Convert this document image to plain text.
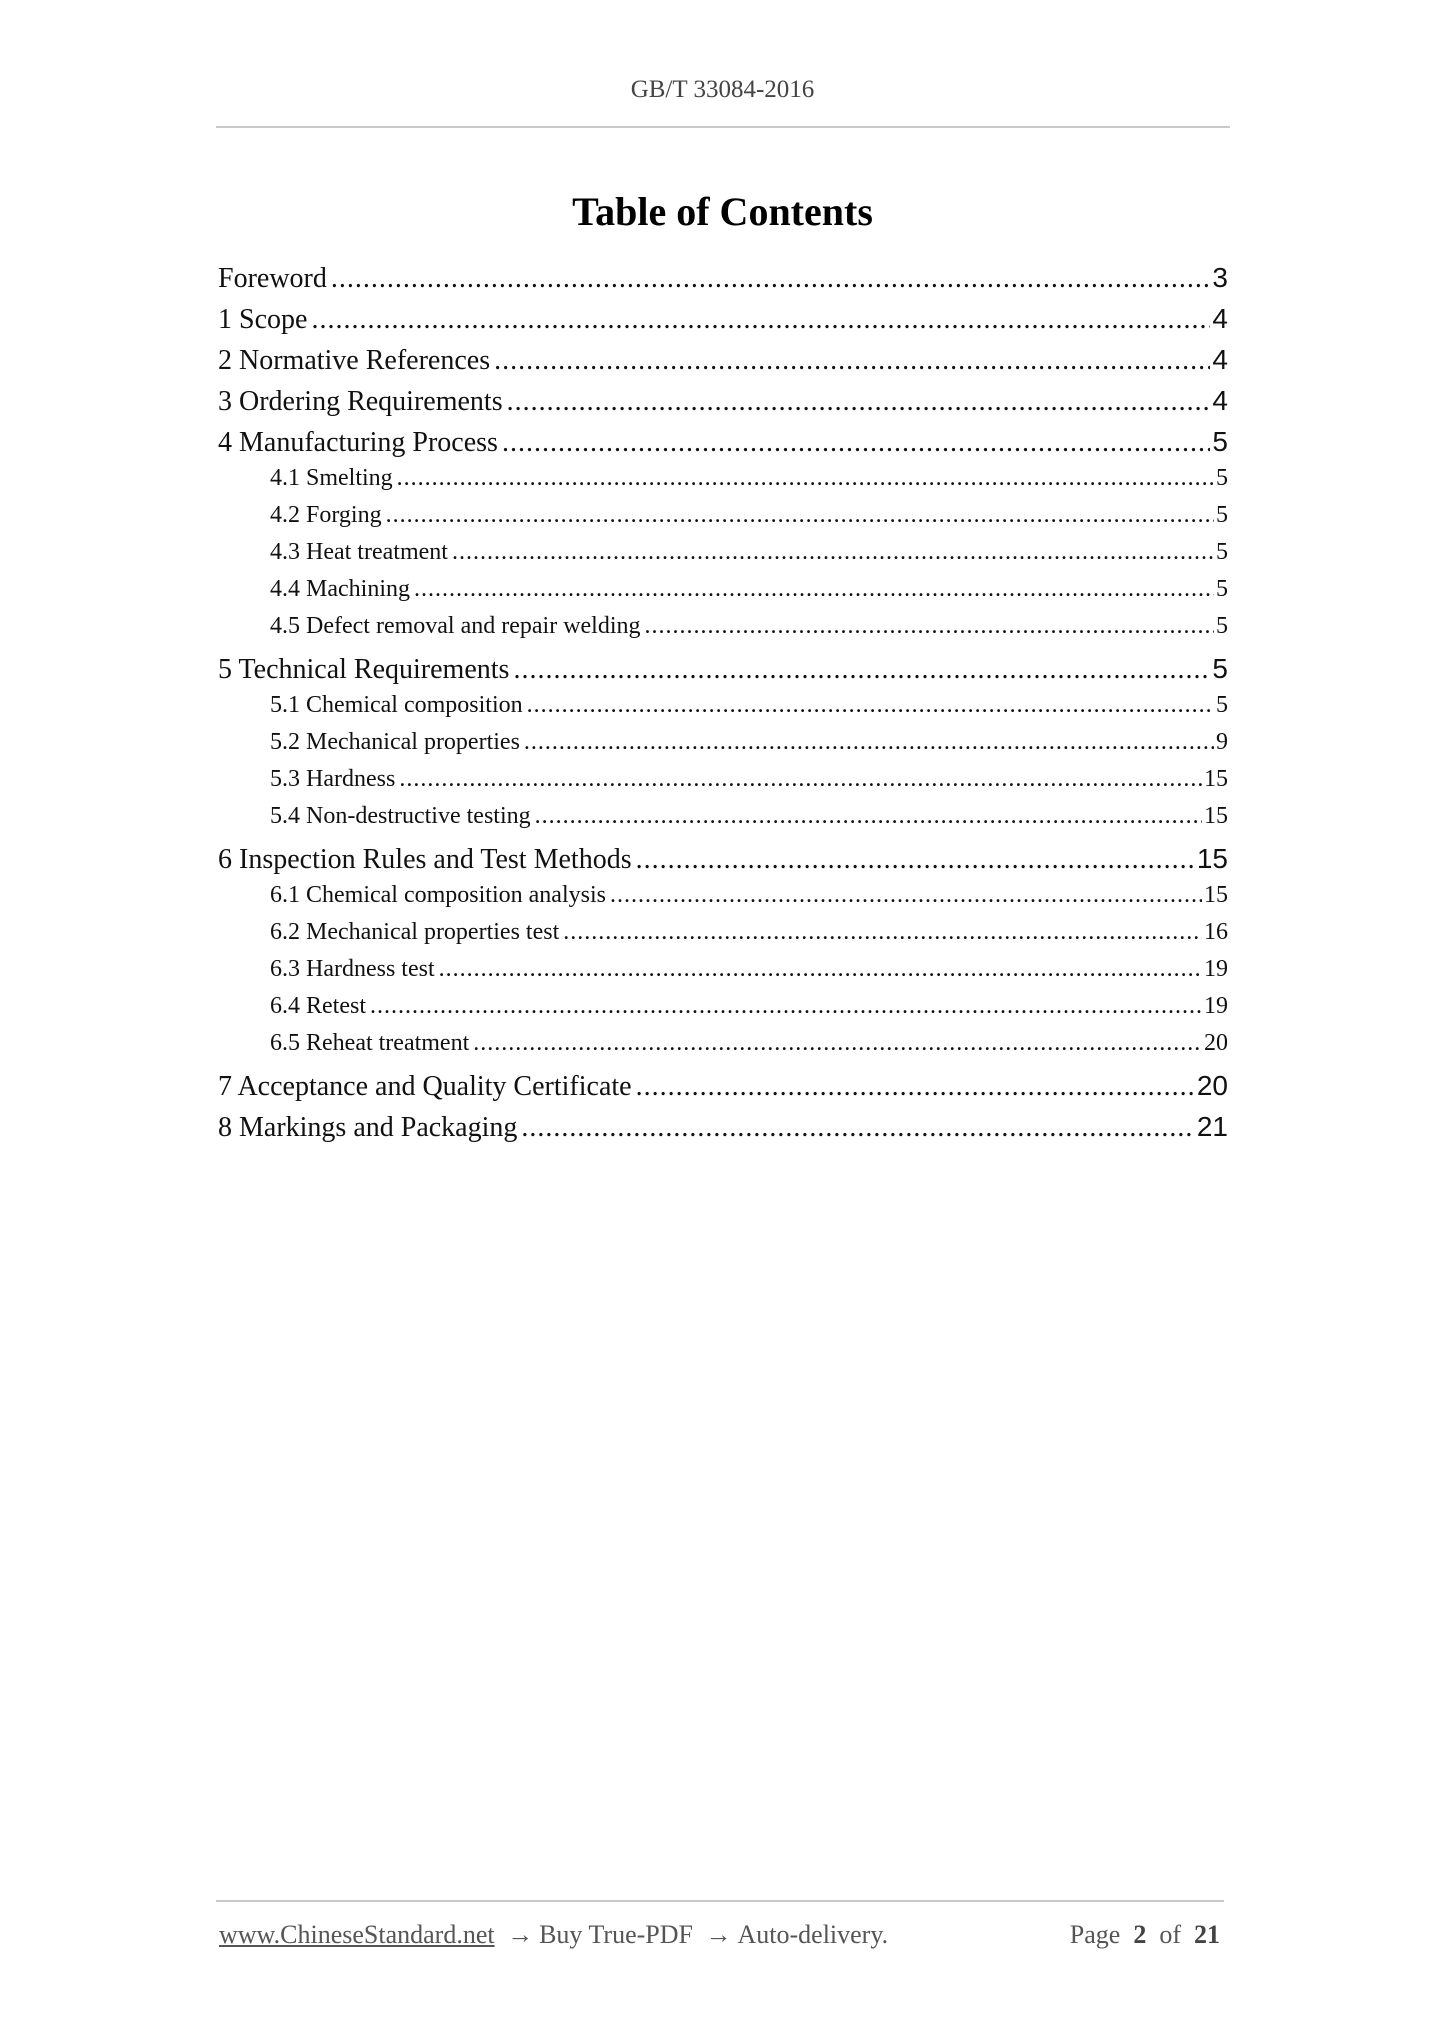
GB/T 33084-2016
Table of Contents
Foreword .....	3
1 Scope .....	4
2 Normative References .....	4
3 Ordering Requirements .....	4
4 Manufacturing Process .....	5
4.1 Smelting .....	5
4.2 Forging .....	5
4.3 Heat treatment .....	5
4.4 Machining .....	5
4.5 Defect removal and repair welding .....	5
5 Technical Requirements .....	5
5.1 Chemical composition .....	5
5.2 Mechanical properties .....	9
5.3 Hardness .....	15
5.4 Non-destructive testing .....	15
6 Inspection Rules and Test Methods .....	15
6.1 Chemical composition analysis .....	15
6.2 Mechanical properties test .....	16
6.3 Hardness test .....	19
6.4 Retest .....	19
6.5 Reheat treatment .....	20
7 Acceptance and Quality Certificate .....	20
8 Markings and Packaging .....	21
www.ChineseStandard.net → Buy True-PDF → Auto-delivery.	Page 2 of 21
